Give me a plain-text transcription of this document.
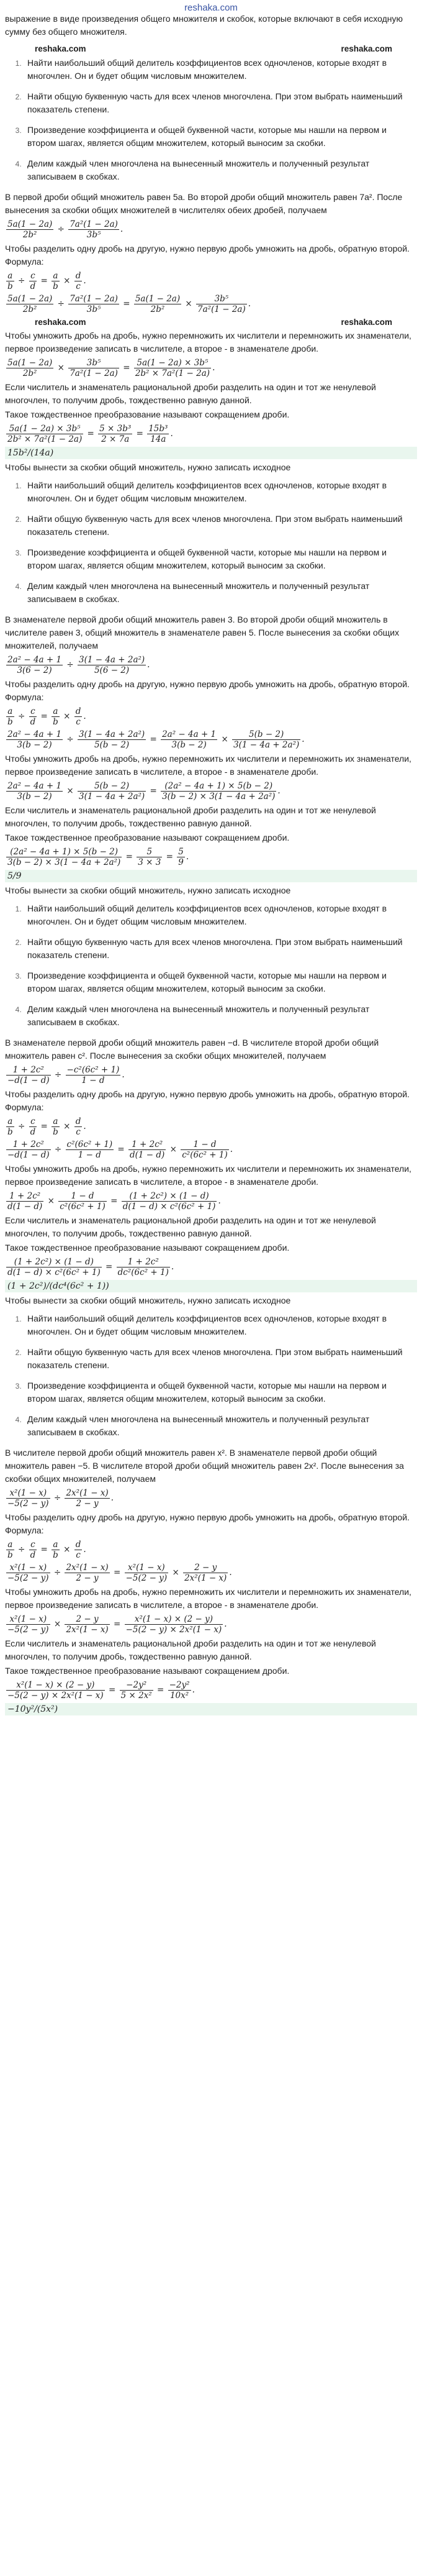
reshaka.com

выражение в виде произведения общего множителя и скобок, которые включают в себя исходную сумму без общего множителя.

reshaka.com	reshaka.com
1. Найти наибольший общий делитель коэффициентов всех одночленов, которые входят в многочлен. Он и будет общим числовым множителем.
2. Найти общую буквенную часть для всех членов многочлена. При этом выбрать наименьший показатель степени.
3. Произведение коэффициента и общей буквенной части, которые мы нашли на первом и втором шагах, является общим множителем, который выносим за скобки.
4. Делим каждый член многочлена на вынесенный множитель и полученный результат записываем в скобках.

В первой дроби общий множитель равен 5a. Во второй дроби общий множитель равен 7a². После вынесения за скобки общих множителей в числителях обеих дробей, получаем

$\frac{5a(1 - 2a)}{\text{2b²}} \div \frac{\text{7a²(1 − 2a)}}{\text{3b⁵}}$ .

Чтобы разделить одну дробь на другую, нужно первую дробь умножить на дробь, обратную второй. Формула:

$\frac{a}{b} \div \frac{c}{d} = \frac{a}{b} \times \frac{d}{c}$ .
$\frac{5a(1 - 2a)}{\text{2b²}} \div \frac{\text{7a²(1 − 2a)}}{\text{3b⁵}} = \frac{5a(1 - 2a)}{\text{2b²}} \times \frac{\text{3b⁵}}{\text{7a²(1 − 2a)}}$ .
reshaka.com	reshaka.com

Чтобы умножить дробь на дробь, нужно перемножить их числители и перемножить их знаменатели, первое произведение записать в числителе, а второе - в знаменателе дроби.

$\frac{5a(1 - 2a)}{\text{2b²}} \times \frac{\text{3b⁵}}{\text{7a²(1 − 2a)}} = \frac{\text{5a(1 − 2a) × 3b⁵}}{\text{2b² × 7a²(1 − 2a)}}$ .

Если числитель и знаменатель рациональной дроби разделить на один и тот же ненулевой многочлен, то получим дробь, тождественно равную данной.

Такое тождественное преобразование называют сокращением дроби.

$\frac{\text{5a(1 − 2a) × 3b⁵}}{\text{2b² × 7a²(1 − 2a)}} = \frac{\text{5 × 3b³}}{2 \times 7a} = \frac{\text{15b³}}{14a}$ .
15b²/(14a)

Чтобы вынести за скобки общий множитель, нужно записать исходное

1. Найти наибольший общий делитель коэффициентов всех одночленов, которые входят в многочлен. Он и будет общим числовым множителем.
2. Найти общую буквенную часть для всех членов многочлена. При этом выбрать наименьший показатель степени.
3. Произведение коэффициента и общей буквенной части, которые мы нашли на первом и втором шагах, является общим множителем, который выносим за скобки.
4. Делим каждый член многочлена на вынесенный множитель и полученный результат записываем в скобках.

В знаменателе первой дроби общий множитель равен 3. Во второй дроби общий множитель в числителе равен 3, общий множитель в знаменателе равен 5. После вынесения за скобки общих множителей, получаем

$\frac{\text{2a² − 4a + 1}}{3(6 - 2)} \div \frac{\text{3(1 − 4a + 2a²)}}{5(6 - 2)}$ .

Чтобы разделить одну дробь на другую, нужно первую дробь умножить на дробь, обратную второй. Формула:

$\frac{a}{b} \div \frac{c}{d} = \frac{a}{b} \times \frac{d}{c}$ .
$\frac{\text{2a² − 4a + 1}}{3(b - 2)} \div \frac{\text{3(1 − 4a + 2a²)}}{5(b - 2)} = \frac{\text{2a² − 4a + 1}}{3(b - 2)} \times \frac{5(b - 2)}{\text{3(1 − 4a + 2a²)}}$ .

Чтобы умножить дробь на дробь, нужно перемножить их числители и перемножить их знаменатели, первое произведение записать в числителе, а второе - в знаменателе дроби.

$\frac{\text{2a² − 4a + 1}}{3(b - 2)} \times \frac{5(b - 2)}{\text{3(1 − 4a + 2a²)}} = \frac{\text{(2a² − 4a + 1) × 5(b − 2)}}{\text{3(b − 2) × 3(1 − 4a + 2a²)}}$ .

Если числитель и знаменатель рациональной дроби разделить на один и тот же ненулевой многочлен, то получим дробь, тождественно равную данной.

Такое тождественное преобразование называют сокращением дроби.

$\frac{\text{(2a² − 4a + 1) × 5(b − 2)}}{\text{3(b − 2) × 3(1 − 4a + 2a²)}} = \frac{5}{3 \times 3} = \frac{5}{9}$ .
5/9

Чтобы вынести за скобки общий множитель, нужно записать исходное

1. Найти наибольший общий делитель коэффициентов всех одночленов, которые входят в многочлен. Он и будет общим числовым множителем.
2. Найти общую буквенную часть для всех членов многочлена. При этом выбрать наименьший показатель степени.
3. Произведение коэффициента и общей буквенной части, которые мы нашли на первом и втором шагах, является общим множителем, который выносим за скобки.
4. Делим каждый член многочлена на вынесенный множитель и полученный результат записываем в скобках.

В знаменателе первой дроби общий множитель равен −d. В числителе второй дроби общий множитель равен c². После вынесения за скобки общих множителей, получаем

$\frac{\text{1 + 2c²}}{-d(1 - d)} \div \frac{\text{−c²(6c² + 1)}}{1 - d}$ .

Чтобы разделить одну дробь на другую, нужно первую дробь умножить на дробь, обратную второй. Формула:

$\frac{a}{b} \div \frac{c}{d} = \frac{a}{b} \times \frac{d}{c}$ .
$\frac{\text{1 + 2c²}}{-d(1 - d)} \div \frac{\text{c²(6c² + 1)}}{1 - d} = \frac{\text{1 + 2c²}}{d(1 - d)} \times \frac{1 - d}{\text{c²(6c² + 1)}}$ .

Чтобы умножить дробь на дробь, нужно перемножить их числители и перемножить их знаменатели, первое произведение записать в числителе, а второе - в знаменателе дроби.

$\frac{\text{1 + 2c²}}{d(1 - d)} \times \frac{1 - d}{\text{c²(6c² + 1)}} = \frac{\text{(1 + 2c²) × (1 − d)}}{\text{d(1 − d) × c²(6c² + 1)}}$ .

Если числитель и знаменатель рациональной дроби разделить на один и тот же ненулевой многочлен, то получим дробь, тождественно равную данной.

Такое тождественное преобразование называют сокращением дроби.

$\frac{\text{(1 + 2c²) × (1 − d)}}{\text{d(1 − d) × c²(6c² + 1)}} = \frac{\text{1 + 2c²}}{\text{dc²(6c² + 1)}}$ .
(1 + 2c²)/(dc⁴(6c² + 1))

Чтобы вынести за скобки общий множитель, нужно записать исходное

1. Найти наибольший общий делитель коэффициентов всех одночленов, которые входят в многочлен. Он и будет общим числовым множителем.
2. Найти общую буквенную часть для всех членов многочлена. При этом выбрать наименьший показатель степени.
3. Произведение коэффициента и общей буквенной части, которые мы нашли на первом и втором шагах, является общим множителем, который выносим за скобки.
4. Делим каждый член многочлена на вынесенный множитель и полученный результат записываем в скобках.

В числителе первой дроби общий множитель равен x². В знаменателе первой дроби общий множитель равен −5. В числителе второй дроби общий множитель равен 2x². После вынесения за скобки общих множителей, получаем

$\frac{\text{x²(1 − x)}}{-5(2 - y)} \div \frac{\text{2x²(1 − x)}}{2 - y}$ .

Чтобы разделить одну дробь на другую, нужно первую дробь умножить на дробь, обратную второй. Формула:

$\frac{a}{b} \div \frac{c}{d} = \frac{a}{b} \times \frac{d}{c}$ .
$\frac{\text{x²(1 − x)}}{-5(2 - y)} \div \frac{\text{2x²(1 − x)}}{2 - y} = \frac{\text{x²(1 − x)}}{-5(2 - y)} \times \frac{2 - y}{\text{2x²(1 − x)}}$ .

Чтобы умножить дробь на дробь, нужно перемножить их числители и перемножить их знаменатели, первое произведение записать в числителе, а второе - в знаменателе дроби.

$\frac{\text{x²(1 − x)}}{-5(2 - y)} \times \frac{2 - y}{\text{2x²(1 − x)}} = \frac{\text{x²(1 − x) × (2 − y)}}{\text{−5(2 − y) × 2x²(1 − x)}}$ .

Если числитель и знаменатель рациональной дроби разделить на один и тот же ненулевой многочлен, то получим дробь, тождественно равную данной.

Такое тождественное преобразование называют сокращением дроби.

$\frac{\text{x²(1 − x) × (2 − y)}}{\text{−5(2 − y) × 2x²(1 − x)}} = \frac{\text{−2y²}}{\text{5 × 2x²}} = \frac{\text{−2y²}}{\text{10x²}}$ .
−10y²/(5x²)
